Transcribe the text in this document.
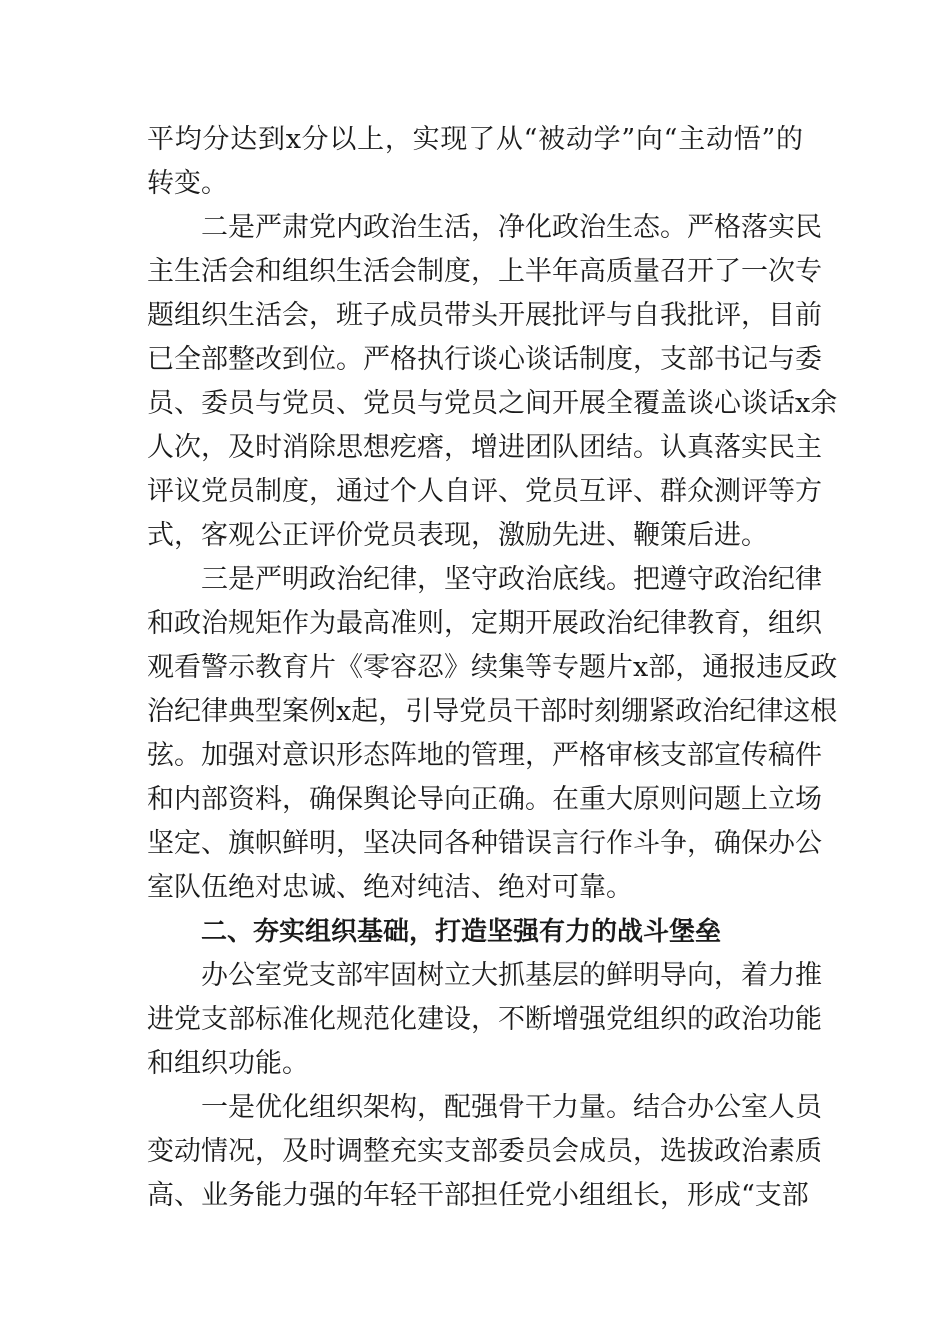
平均分达到x分以上，实现了从“被动学”向“主动悟”的
转变。
二是严肃党内政治生活，净化政治生态。严格落实民
主生活会和组织生活会制度，上半年高质量召开了一次专
题组织生活会，班子成员带头开展批评与自我批评，目前
已全部整改到位。严格执行谈心谈话制度，支部书记与委
员、委员与党员、党员与党员之间开展全覆盖谈心谈话x余
人次，及时消除思想疙瘩，增进团队团结。认真落实民主
评议党员制度，通过个人自评、党员互评、群众测评等方
式，客观公正评价党员表现，激励先进、鞭策后进。
三是严明政治纪律，坚守政治底线。把遵守政治纪律
和政治规矩作为最高准则，定期开展政治纪律教育，组织
观看警示教育片《零容忍》续集等专题片x部，通报违反政
治纪律典型案例x起，引导党员干部时刻绷紧政治纪律这根
弦。加强对意识形态阵地的管理，严格审核支部宣传稿件
和内部资料，确保舆论导向正确。在重大原则问题上立场
坚定、旗帜鲜明，坚决同各种错误言行作斗争，确保办公
室队伍绝对忠诚、绝对纯洁、绝对可靠。
二、夯实组织基础，打造坚强有力的战斗堡垒
办公室党支部牢固树立大抓基层的鲜明导向，着力推
进党支部标准化规范化建设，不断增强党组织的政治功能
和组织功能。
一是优化组织架构，配强骨干力量。结合办公室人员
变动情况，及时调整充实支部委员会成员，选拔政治素质
高、业务能力强的年轻干部担任党小组组长，形成“支部
